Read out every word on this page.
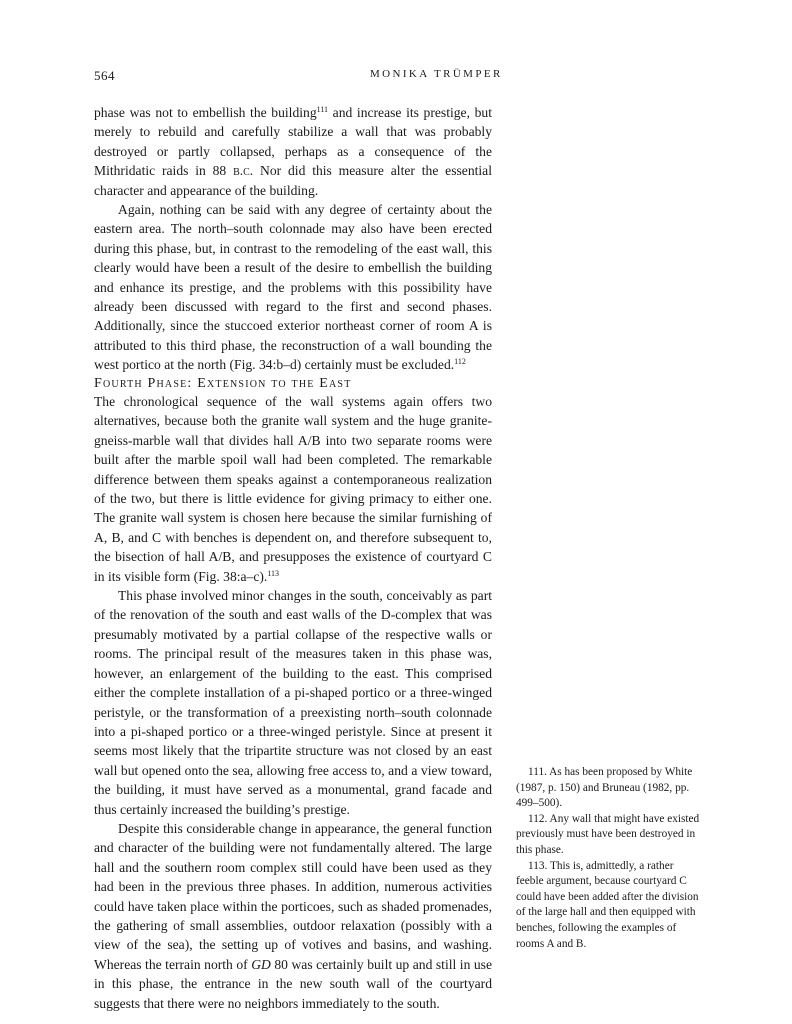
564	MONIKA TRÜMPER

phase was not to embellish the building$^{111}$ and increase its prestige, but merely to rebuild and carefully stabilize a wall that was probably destroyed or partly collapsed, perhaps as a consequence of the Mithridatic raids in 88 b.c. Nor did this measure alter the essential character and appearance of the building.

Again, nothing can be said with any degree of certainty about the eastern area. The north–south colonnade may also have been erected during this phase, but, in contrast to the remodeling of the east wall, this clearly would have been a result of the desire to embellish the building and enhance its prestige, and the problems with this possibility have already been discussed with regard to the first and second phases. Additionally, since the stuccoed exterior northeast corner of room A is attributed to this third phase, the reconstruction of a wall bounding the west portico at the north (Fig. 34:b–d) certainly must be excluded.$^{112}$

Fourth Phase: Extension to the East

The chronological sequence of the wall systems again offers two alternatives, because both the granite wall system and the huge granite-gneiss-marble wall that divides hall A/B into two separate rooms were built after the marble spoil wall had been completed. The remarkable difference between them speaks against a contemporaneous realization of the two, but there is little evidence for giving primacy to either one. The granite wall system is chosen here because the similar furnishing of A, B, and C with benches is dependent on, and therefore subsequent to, the bisection of hall A/B, and presupposes the existence of courtyard C in its visible form (Fig. 38:a–c).$^{113}$

This phase involved minor changes in the south, conceivably as part of the renovation of the south and east walls of the D-complex that was presumably motivated by a partial collapse of the respective walls or rooms. The principal result of the measures taken in this phase was, however, an enlargement of the building to the east. This comprised either the complete installation of a pi-shaped portico or a three-winged peristyle, or the transformation of a preexisting north–south colonnade into a pi-shaped portico or a three-winged peristyle. Since at present it seems most likely that the tripartite structure was not closed by an east wall but opened onto the sea, allowing free access to, and a view toward, the building, it must have served as a monumental, grand facade and thus certainly increased the building’s prestige.

Despite this considerable change in appearance, the general function and character of the building were not fundamentally altered. The large hall and the southern room complex still could have been used as they had been in the previous three phases. In addition, numerous activities could have taken place within the porticoes, such as shaded promenades, the gathering of small assemblies, outdoor relaxation (possibly with a view of the sea), the setting up of votives and basins, and washing. Whereas the terrain north of GD 80 was certainly built up and still in use in this phase, the entrance in the new south wall of the courtyard suggests that there were no neighbors immediately to the south.

111. As has been proposed by White (1987, p. 150) and Bruneau (1982, pp. 499–500).

112. Any wall that might have existed previously must have been destroyed in this phase.

113. This is, admittedly, a rather feeble argument, because courtyard C could have been added after the division of the large hall and then equipped with benches, following the examples of rooms A and B.
